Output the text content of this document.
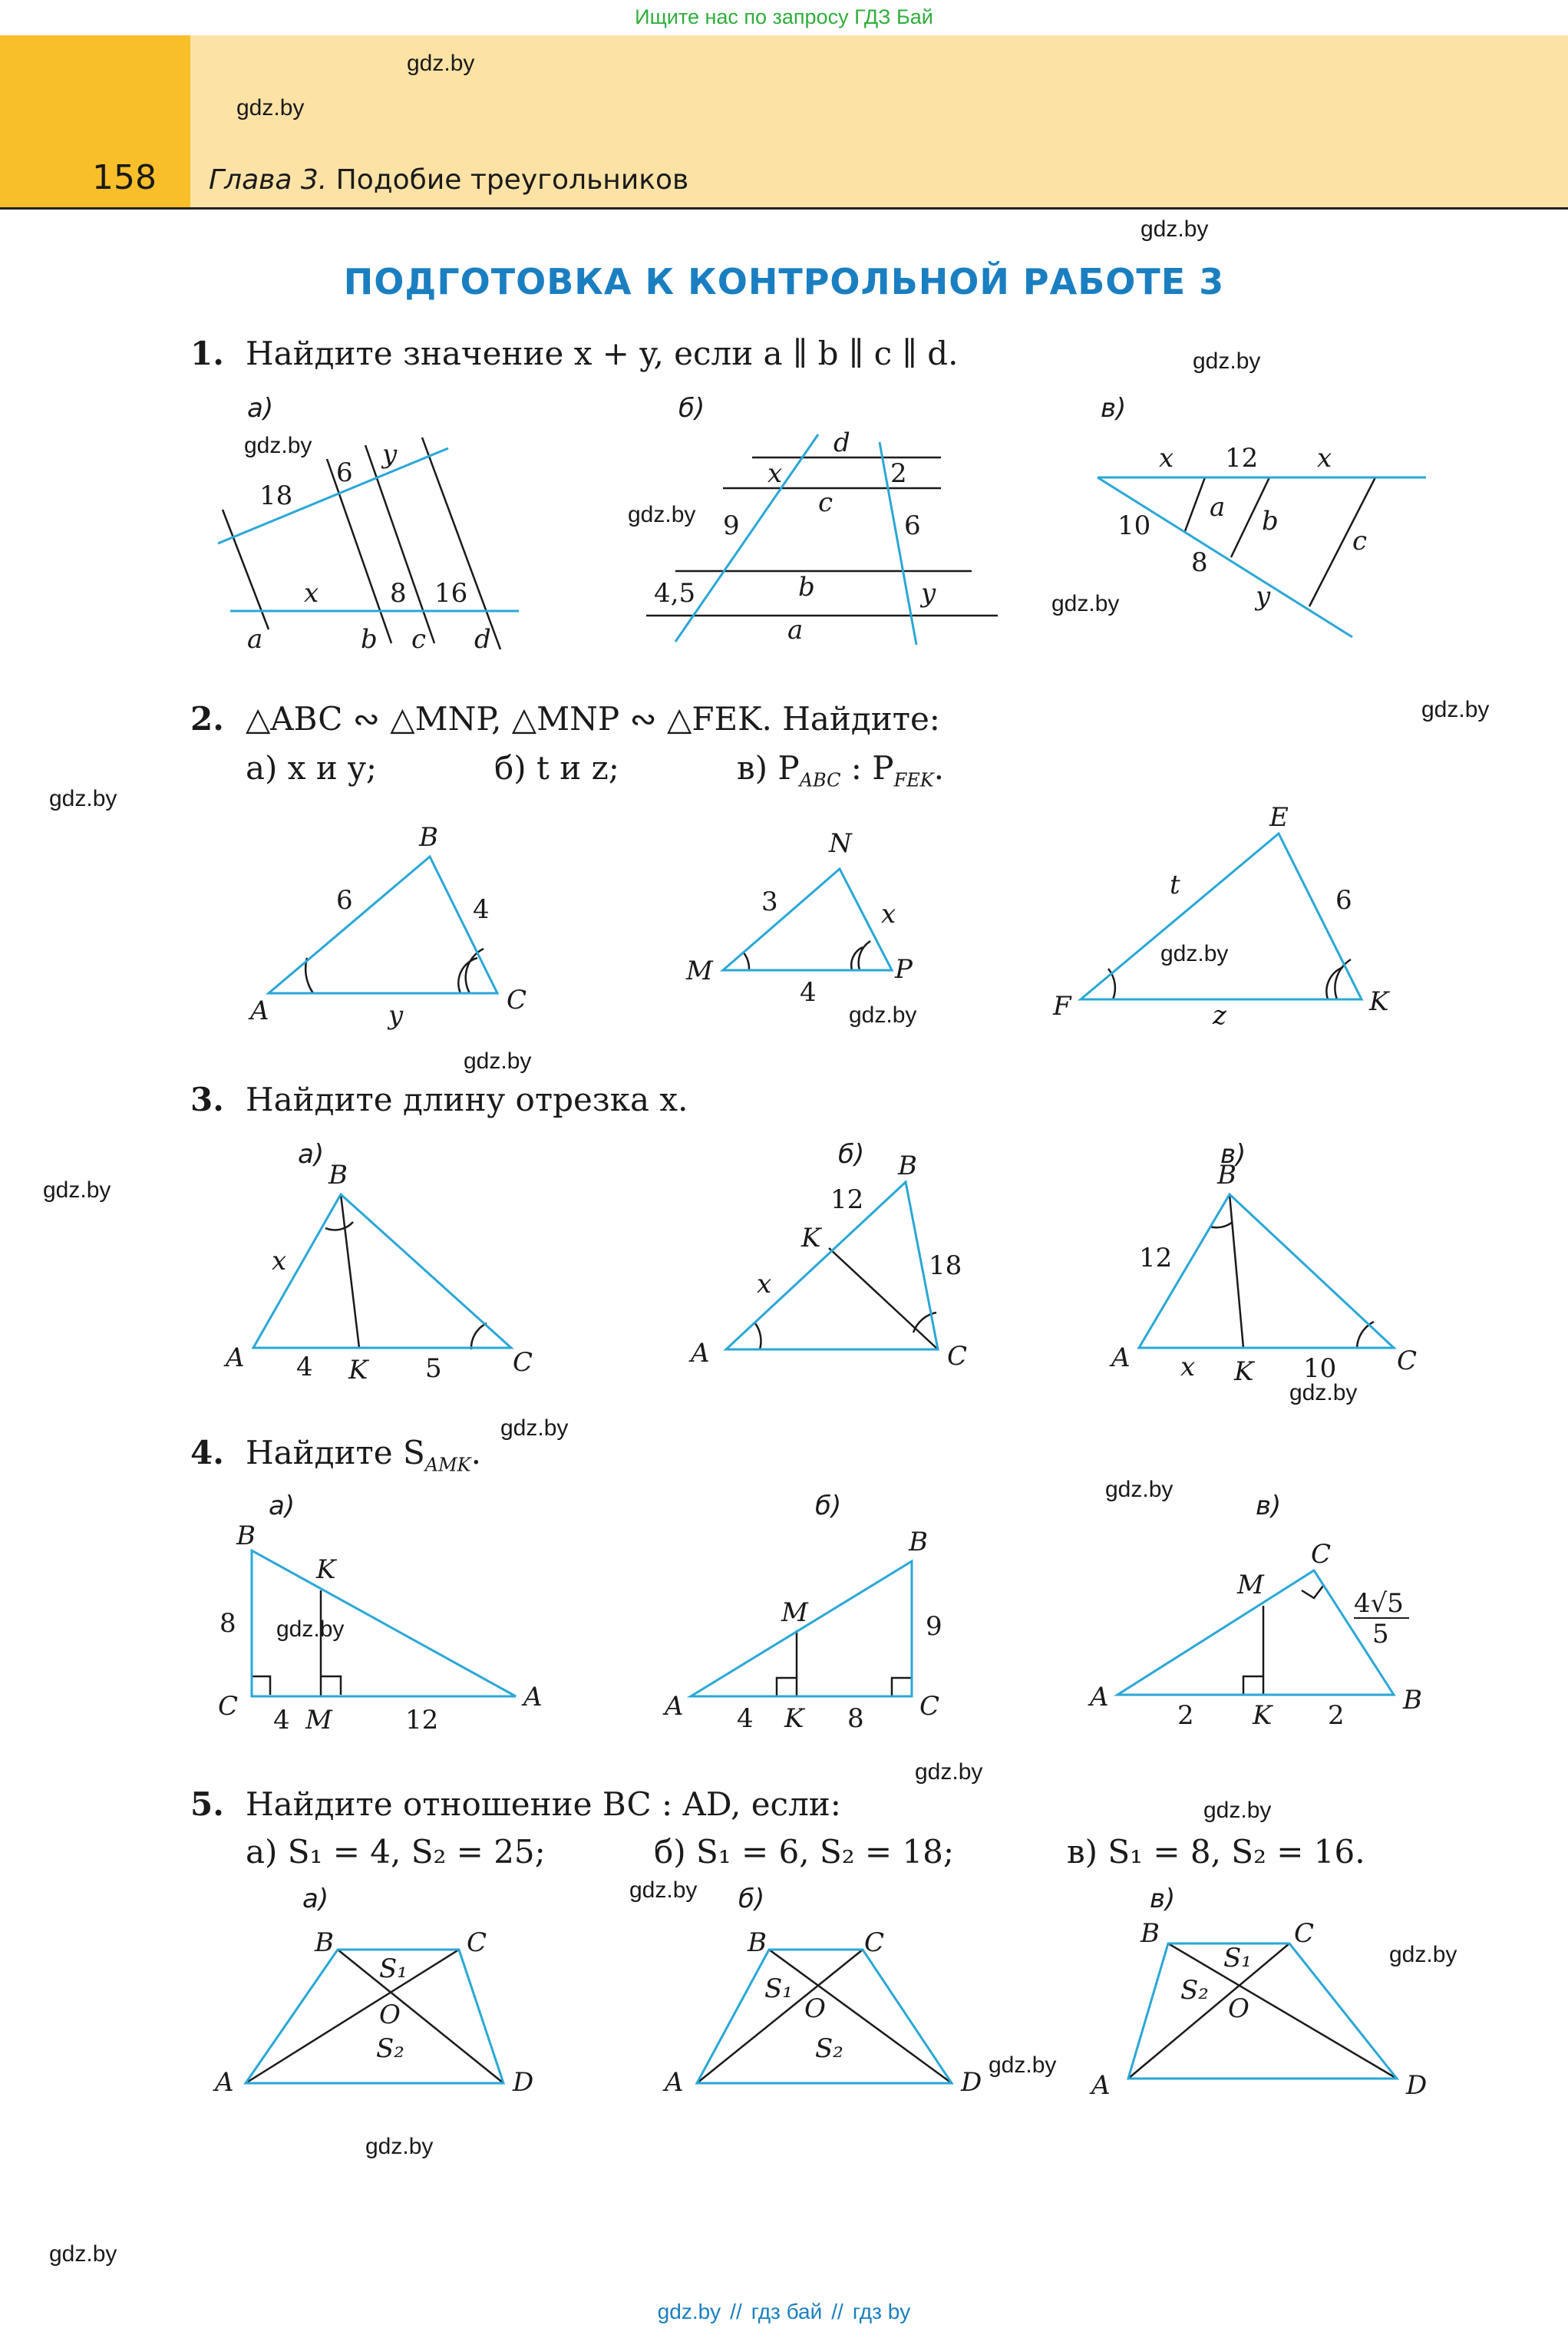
Ищите нас по запросу ГДЗ Бай
158 Глава 3. Подобие треугольников
ПОДГОТОВКА К КОНТРОЛЬНОЙ РАБОТЕ 3
gdz.by
gdz.by
gdz.by
gdz.by
gdz.by
gdz.by
gdz.by
gdz.by
gdz.by
gdz.by
gdz.by
gdz.by
gdz.by
gdz.by
gdz.by
gdz.by
gdz.by
gdz.by
gdz.by
gdz.by
gdz.by
gdz.by
gdz.by
gdz.by
1. Найдите значение x + y, если a ∥ b ∥ c ∥ d.
2. △ABC ∾ △MNP, △MNP ∾ △FEK. Найдите:
а) x и y;	б) t и z;	в) $P_{ABC}$ : $P_{FEK}$.
3. Найдите длину отрезка x.
4. Найдите $S_{AMK}$.
5. Найдите отношение BC : AD, если:
а) S₁ = 4, S₂ = 25;	б) S₁ = 6, S₂ = 18;	в) S₁ = 8, S₂ = 16.
а)	б)	в)
а)	б)	в)
а)	б)	в)
а)	б)	в)
18
6
y
x	8 16
a	b c d
d
c
b
a
x	2
9	6
4,5	y
x 12 x
10
8
y
a b
c
A
B
C
6	4
y
M
N
P
3	x
4	F
E
K
t	6
z
A
B
C
K
x
4	5	A
B
C
K
12
x
18
A
B
C
K
12
x	10
B
C	A
K
M
8
4	12	A
B
C
M
K
9
4	8
A
C
B
M
K
4√5
5
2	2
A
B	C
D
O
S₁
S₂
A
B	C
D
O
S₁
S₂
A
B	C
D
O
S₁
S₂
gdz.by // гдз бай // гдз by
